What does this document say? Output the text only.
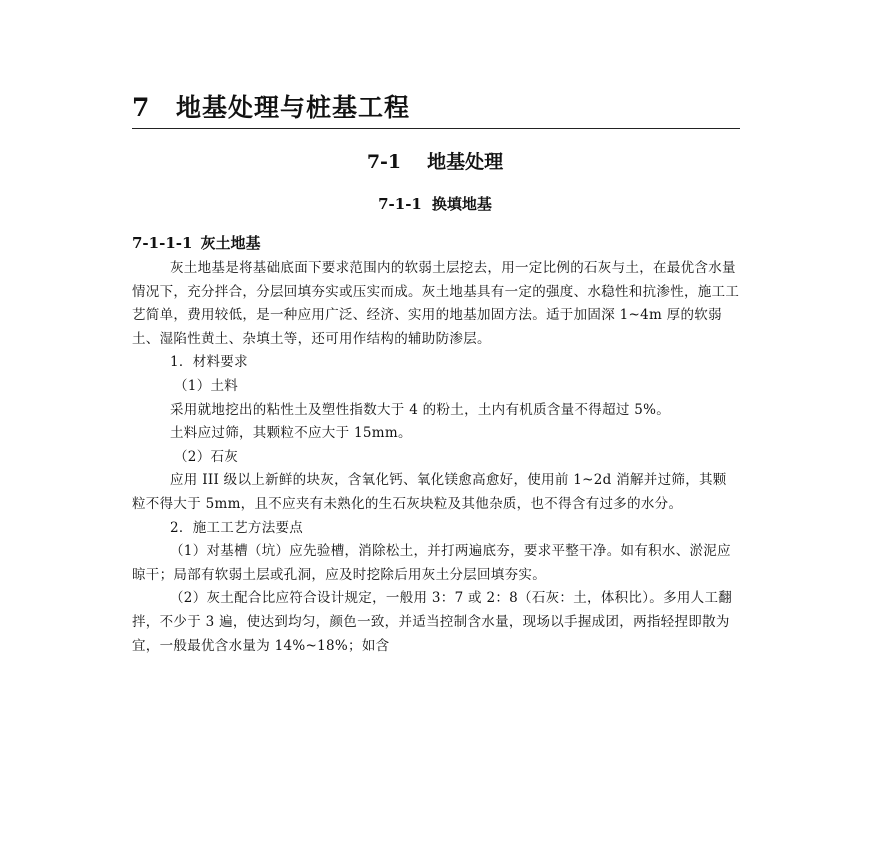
7 地基处理与桩基工程
7-1 地基处理
7-1-1 换填地基
7-1-1-1 灰土地基

灰土地基是将基础底面下要求范围内的软弱土层挖去，用一定比例的石灰与土，在最优含水量情况下，充分拌合，分层回填夯实或压实而成。灰土地基具有一定的强度、水稳性和抗渗性，施工工艺简单，费用较低，是一种应用广泛、经济、实用的地基加固方法。适于加固深 1~4m 厚的软弱土、湿陷性黄土、杂填土等，还可用作结构的辅助防渗层。

1．材料要求

（1）土料

采用就地挖出的粘性土及塑性指数大于 4 的粉土，土内有机质含量不得超过 5%。

土料应过筛，其颗粒不应大于 15mm。

（2）石灰

应用 III 级以上新鲜的块灰，含氧化钙、氧化镁愈高愈好，使用前 1~2d 消解并过筛，其颗粒不得大于 5mm，且不应夹有未熟化的生石灰块粒及其他杂质，也不得含有过多的水分。

2．施工工艺方法要点

（1）对基槽（坑）应先验槽，消除松土，并打两遍底夯，要求平整干净。如有积水、淤泥应晾干；局部有软弱土层或孔洞，应及时挖除后用灰土分层回填夯实。

（2）灰土配合比应符合设计规定，一般用 3：7 或 2：8（石灰：土，体积比）。多用人工翻拌，不少于 3 遍，使达到均匀，颜色一致，并适当控制含水量，现场以手握成团，两指轻捏即散为宜，一般最优含水量为 14%~18%；如含
